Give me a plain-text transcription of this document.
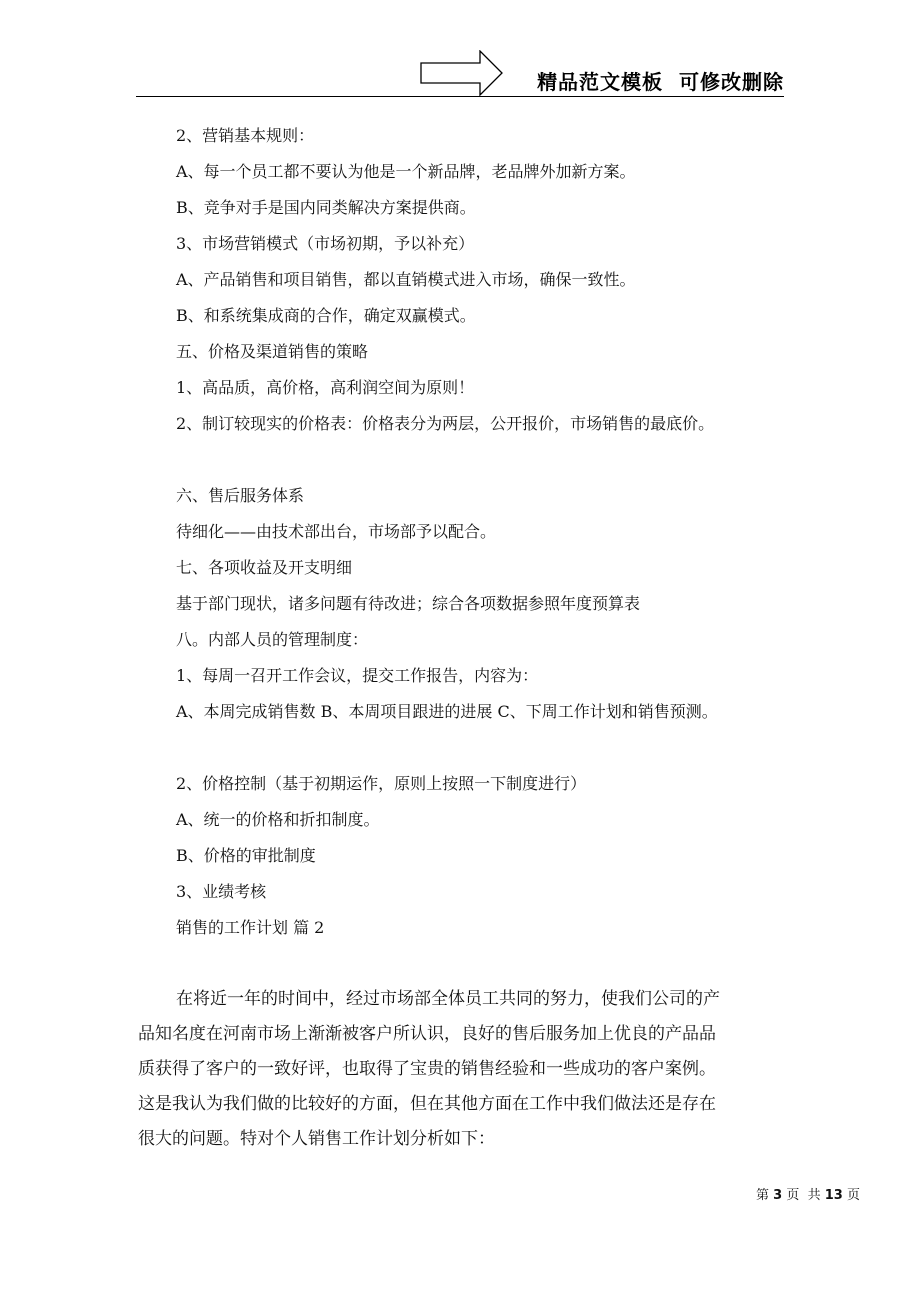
精品范文模板  可修改删除
2、营销基本规则：
A、每一个员工都不要认为他是一个新品牌，老品牌外加新方案。
B、竞争对手是国内同类解决方案提供商。
3、市场营销模式（市场初期，予以补充）
A、产品销售和项目销售，都以直销模式进入市场，确保一致性。
B、和系统集成商的合作，确定双赢模式。
五、价格及渠道销售的策略
1、高品质，高价格，高利润空间为原则！
2、制订较现实的价格表：价格表分为两层，公开报价，市场销售的最底价。
六、售后服务体系
待细化——由技术部出台，市场部予以配合。
七、各项收益及开支明细
基于部门现状，诸多问题有待改进；综合各项数据参照年度预算表
八。内部人员的管理制度：
1、每周一召开工作会议，提交工作报告，内容为：
A、本周完成销售数 B、本周项目跟进的进展 C、下周工作计划和销售预测。
2、价格控制（基于初期运作，原则上按照一下制度进行）
A、统一的价格和折扣制度。
B、价格的审批制度
3、业绩考核
销售的工作计划 篇 2
在将近一年的时间中，经过市场部全体员工共同的努力，使我们公司的产
品知名度在河南市场上渐渐被客户所认识，良好的售后服务加上优良的产品品
质获得了客户的一致好评，也取得了宝贵的销售经验和一些成功的客户案例。
这是我认为我们做的比较好的方面，但在其他方面在工作中我们做法还是存在
很大的问题。特对个人销售工作计划分析如下：
第 3 页  共 13 页
